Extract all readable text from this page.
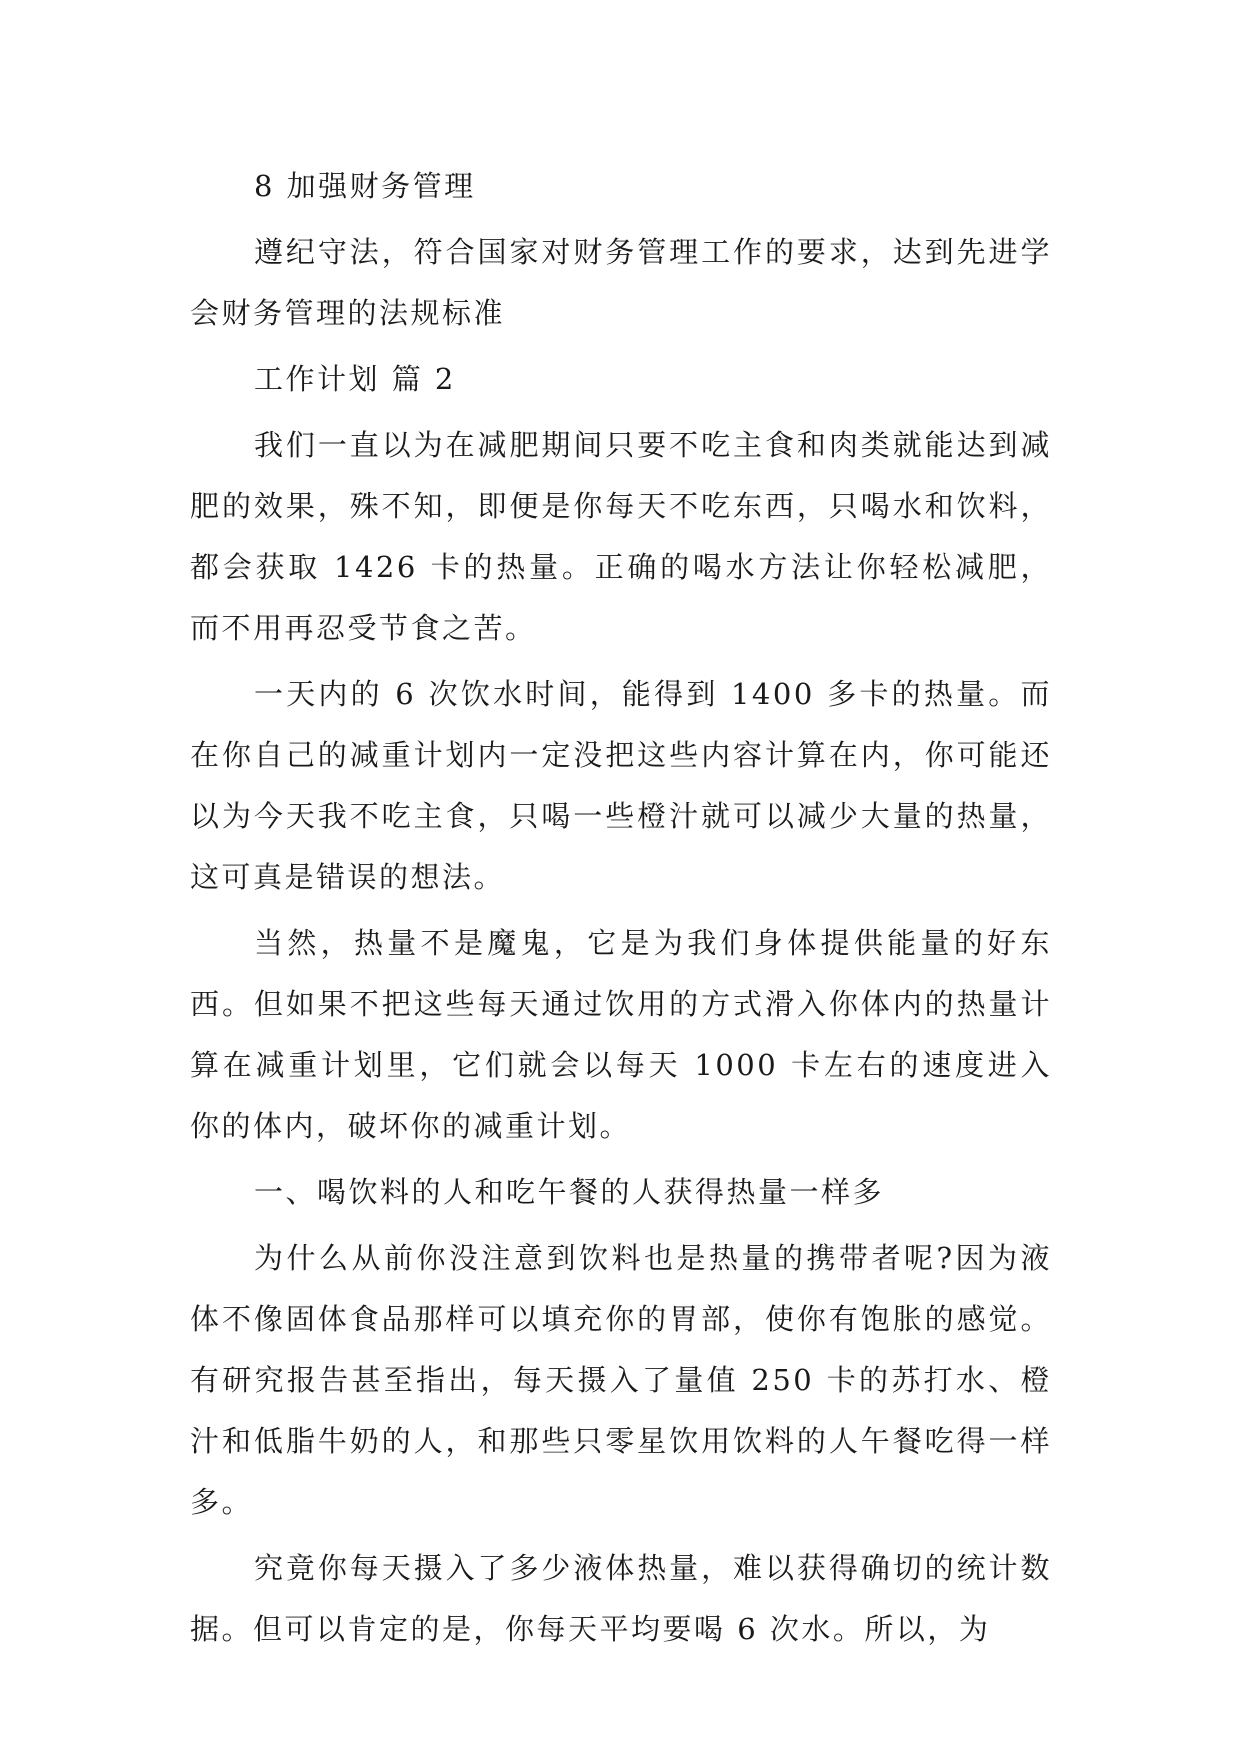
8 加强财务管理

遵纪守法，符合国家对财务管理工作的要求，达到先进学会财务管理的法规标准

工作计划 篇 2

我们一直以为在减肥期间只要不吃主食和肉类就能达到减肥的效果，殊不知，即便是你每天不吃东西，只喝水和饮料，都会获取 1426 卡的热量。正确的喝水方法让你轻松减肥，而不用再忍受节食之苦。

一天内的 6 次饮水时间，能得到 1400 多卡的热量。而在你自己的减重计划内一定没把这些内容计算在内，你可能还以为今天我不吃主食，只喝一些橙汁就可以减少大量的热量，这可真是错误的想法。

当然，热量不是魔鬼，它是为我们身体提供能量的好东西。但如果不把这些每天通过饮用的方式滑入你体内的热量计算在减重计划里，它们就会以每天 1000 卡左右的速度进入你的体内，破坏你的减重计划。

一、喝饮料的人和吃午餐的人获得热量一样多

为什么从前你没注意到饮料也是热量的携带者呢?因为液体不像固体食品那样可以填充你的胃部，使你有饱胀的感觉。有研究报告甚至指出，每天摄入了量值 250 卡的苏打水、橙汁和低脂牛奶的人，和那些只零星饮用饮料的人午餐吃得一样多。

究竟你每天摄入了多少液体热量，难以获得确切的统计数据。但可以肯定的是，你每天平均要喝 6 次水。所以，为
